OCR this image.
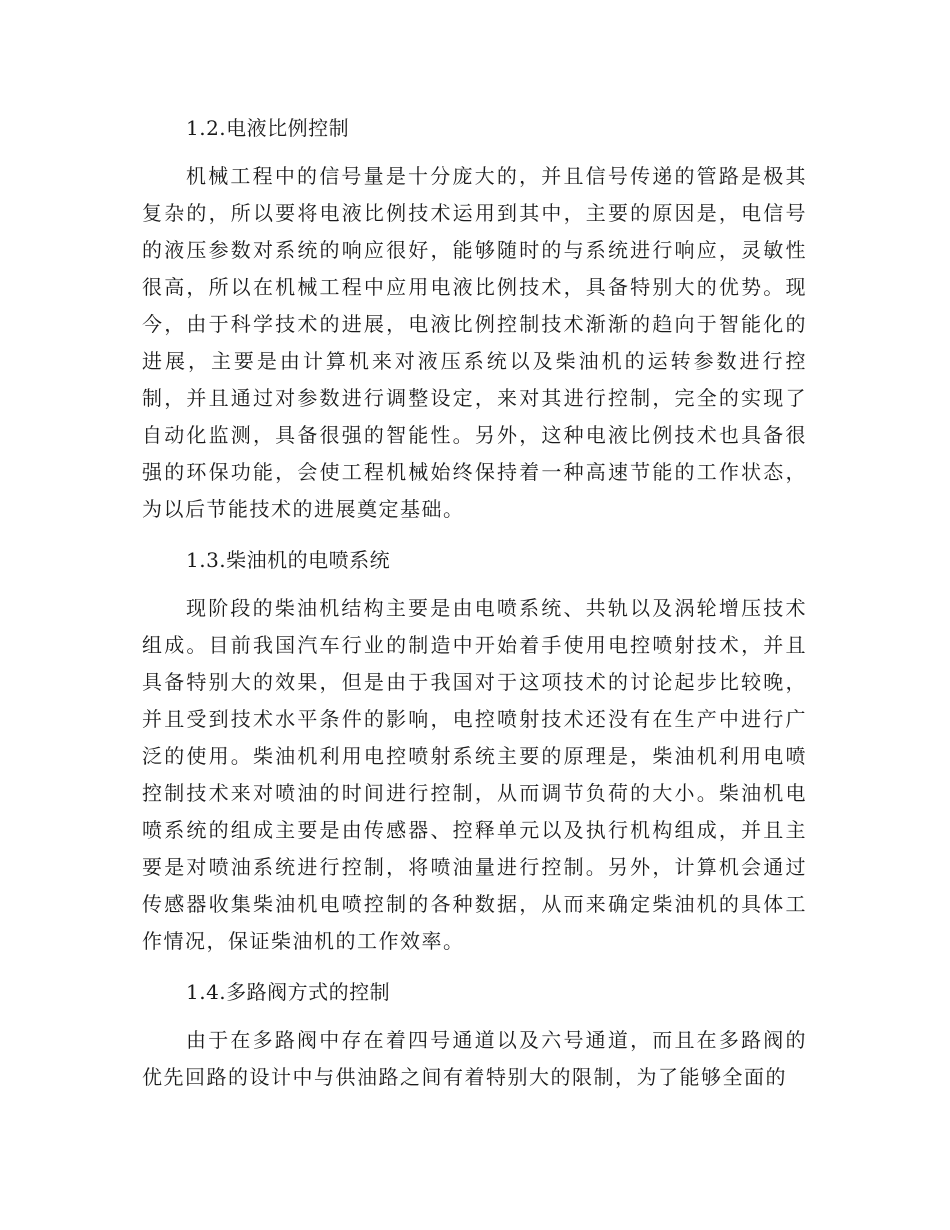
1.2.电液比例控制

机械工程中的信号量是十分庞大的，并且信号传递的管路是极其复杂的，所以要将电液比例技术运用到其中，主要的原因是，电信号的液压参数对系统的响应很好，能够随时的与系统进行响应，灵敏性很高，所以在机械工程中应用电液比例技术，具备特别大的优势。现今，由于科学技术的进展，电液比例控制技术渐渐的趋向于智能化的进展，主要是由计算机来对液压系统以及柴油机的运转参数进行控制，并且通过对参数进行调整设定，来对其进行控制，完全的实现了自动化监测，具备很强的智能性。另外，这种电液比例技术也具备很强的环保功能，会使工程机械始终保持着一种高速节能的工作状态，为以后节能技术的进展奠定基础。

1.3.柴油机的电喷系统

现阶段的柴油机结构主要是由电喷系统、共轨以及涡轮增压技术组成。目前我国汽车行业的制造中开始着手使用电控喷射技术，并且具备特别大的效果，但是由于我国对于这项技术的讨论起步比较晚，并且受到技术水平条件的影响，电控喷射技术还没有在生产中进行广泛的使用。柴油机利用电控喷射系统主要的原理是，柴油机利用电喷控制技术来对喷油的时间进行控制，从而调节负荷的大小。柴油机电喷系统的组成主要是由传感器、控释单元以及执行机构组成，并且主要是对喷油系统进行控制，将喷油量进行控制。另外，计算机会通过传感器收集柴油机电喷控制的各种数据，从而来确定柴油机的具体工作情况，保证柴油机的工作效率。

1.4.多路阀方式的控制

由于在多路阀中存在着四号通道以及六号通道，而且在多路阀的优先回路的设计中与供油路之间有着特别大的限制，为了能够全面的
